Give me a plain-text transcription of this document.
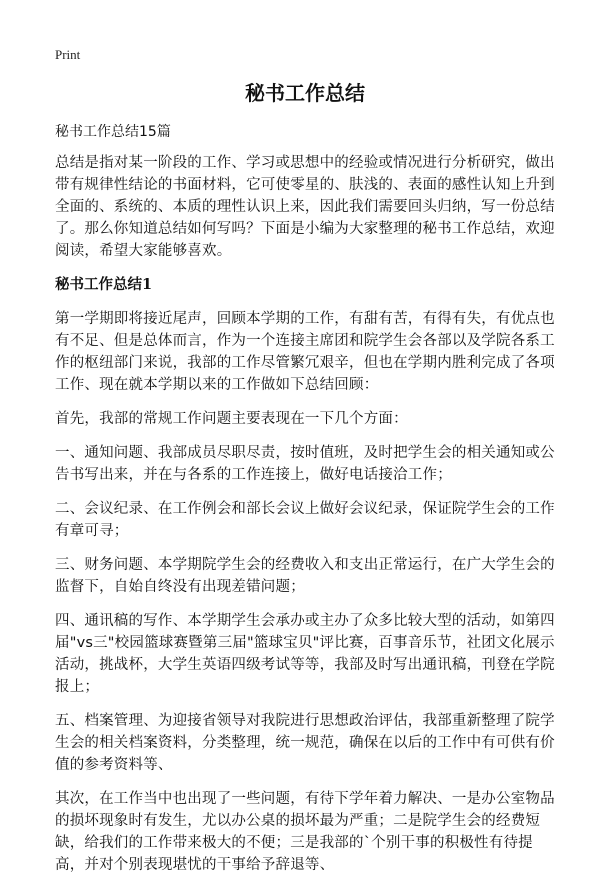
Print
秘书工作总结
秘书工作总结15篇

总结是指对某一阶段的工作、学习或思想中的经验或情况进行分析研究，做出带有规律性结论的书面材料，它可使零星的、肤浅的、表面的感性认知上升到全面的、系统的、本质的理性认识上来，因此我们需要回头归纳，写一份总结了。那么你知道总结如何写吗？下面是小编为大家整理的秘书工作总结，欢迎阅读，希望大家能够喜欢。

秘书工作总结1

第一学期即将接近尾声，回顾本学期的工作，有甜有苦，有得有失，有优点也有不足、但是总体而言，作为一个连接主席团和院学生会各部以及学院各系工作的枢纽部门来说，我部的工作尽管繁冗艰辛，但也在学期内胜利完成了各项工作、现在就本学期以来的工作做如下总结回顾：

首先，我部的常规工作问题主要表现在一下几个方面：

一、通知问题、我部成员尽职尽责，按时值班，及时把学生会的相关通知或公告书写出来，并在与各系的工作连接上，做好电话接洽工作；

二、会议纪录、在工作例会和部长会议上做好会议纪录，保证院学生会的工作有章可寻；

三、财务问题、本学期院学生会的经费收入和支出正常运行，在广大学生会的监督下，自始自终没有出现差错问题；

四、通讯稿的写作、本学期学生会承办或主办了众多比较大型的活动，如第四届"vs三"校园篮球赛暨第三届"篮球宝贝"评比赛，百事音乐节，社团文化展示活动，挑战杯，大学生英语四级考试等等，我部及时写出通讯稿，刊登在学院报上；

五、档案管理、为迎接省领导对我院进行思想政治评估，我部重新整理了院学生会的相关档案资料，分类整理，统一规范，确保在以后的工作中有可供有价值的参考资料等、

其次，在工作当中也出现了一些问题，有待下学年着力解决、一是办公室物品的损坏现象时有发生，尤以办公桌的损坏最为严重；二是院学生会的经费短缺，给我们的工作带来极大的不便；三是我部的`个别干事的积极性有待提高，并对个别表现堪忧的干事给予辞退等、
